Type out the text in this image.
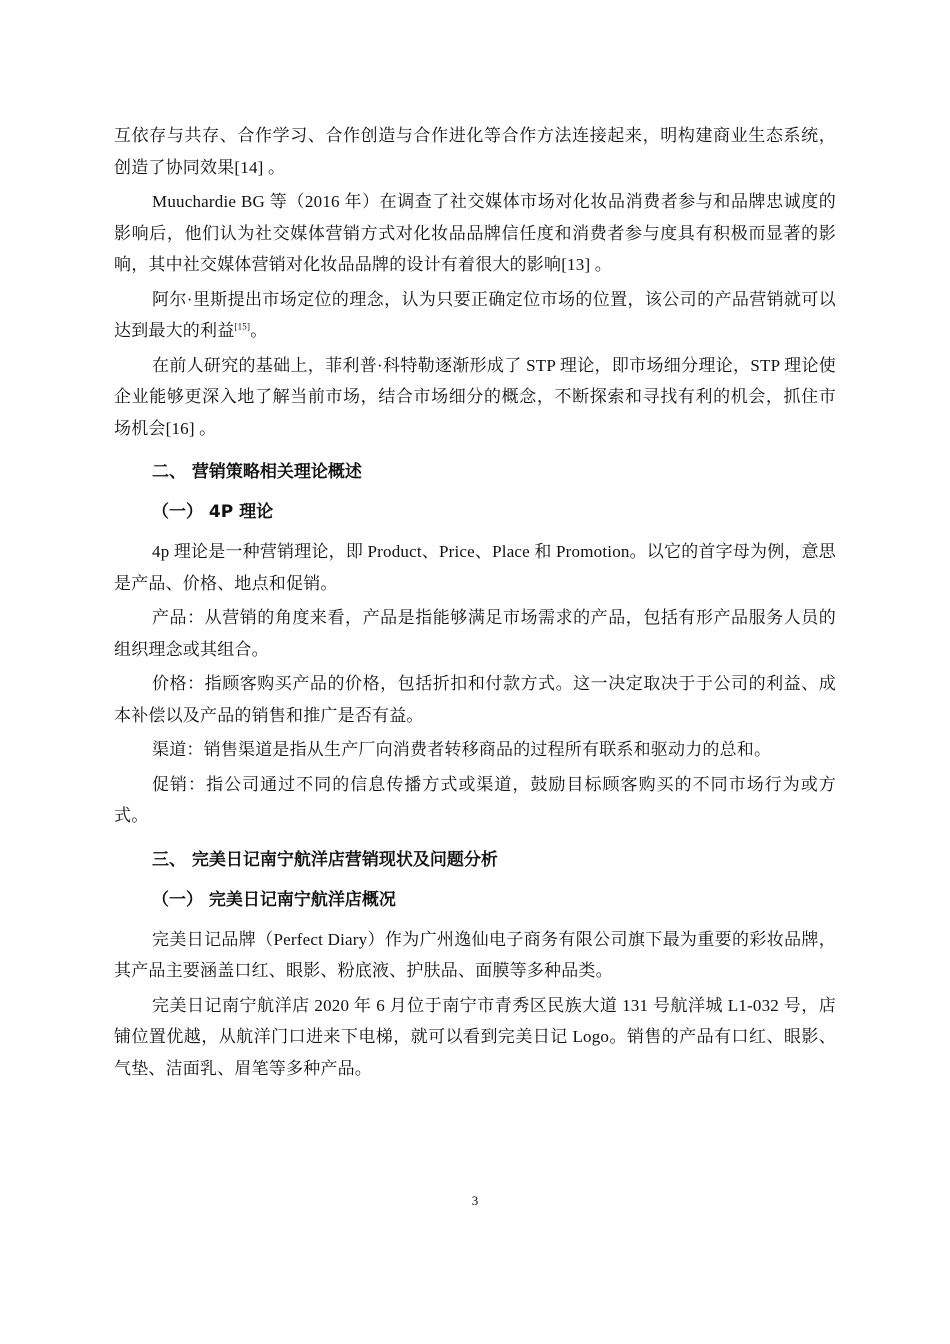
互依存与共存、合作学习、合作创造与合作进化等合作方法连接起来，明构建商业生态系统，创造了协同效果[14] 。

Muuchardie BG 等（2016 年）在调查了社交媒体市场对化妆品消费者参与和品牌忠诚度的影响后，他们认为社交媒体营销方式对化妆品品牌信任度和消费者参与度具有积极而显著的影响，其中社交媒体营销对化妆品品牌的设计有着很大的影响[13] 。

阿尔·里斯提出市场定位的理念，认为只要正确定位市场的位置，该公司的产品营销就可以达到最大的利益[15]。

在前人研究的基础上，菲利普·科特勒逐渐形成了 STP 理论，即市场细分理论，STP 理论使企业能够更深入地了解当前市场，结合市场细分的概念，不断探索和寻找有利的机会，抓住市场机会[16] 。

二、 营销策略相关理论概述
（一） 4P 理论

4p 理论是一种营销理论，即 Product、Price、Place 和 Promotion。以它的首字母为例，意思是产品、价格、地点和促销。

产品：从营销的角度来看，产品是指能够满足市场需求的产品，包括有形产品服务人员的组织理念或其组合。

价格：指顾客购买产品的价格，包括折扣和付款方式。这一决定取决于于公司的利益、成本补偿以及产品的销售和推广是否有益。

渠道：销售渠道是指从生产厂向消费者转移商品的过程所有联系和驱动力的总和。

促销：指公司通过不同的信息传播方式或渠道，鼓励目标顾客购买的不同市场行为或方式。

三、 完美日记南宁航洋店营销现状及问题分析
（一） 完美日记南宁航洋店概况

完美日记品牌（Perfect Diary）作为广州逸仙电子商务有限公司旗下最为重要的彩妆品牌，其产品主要涵盖口红、眼影、粉底液、护肤品、面膜等多种品类。

完美日记南宁航洋店 2020 年 6 月位于南宁市青秀区民族大道 131 号航洋城 L1-032 号，店铺位置优越，从航洋门口进来下电梯，就可以看到完美日记 Logo。销售的产品有口红、眼影、气垫、洁面乳、眉笔等多种产品。

3
